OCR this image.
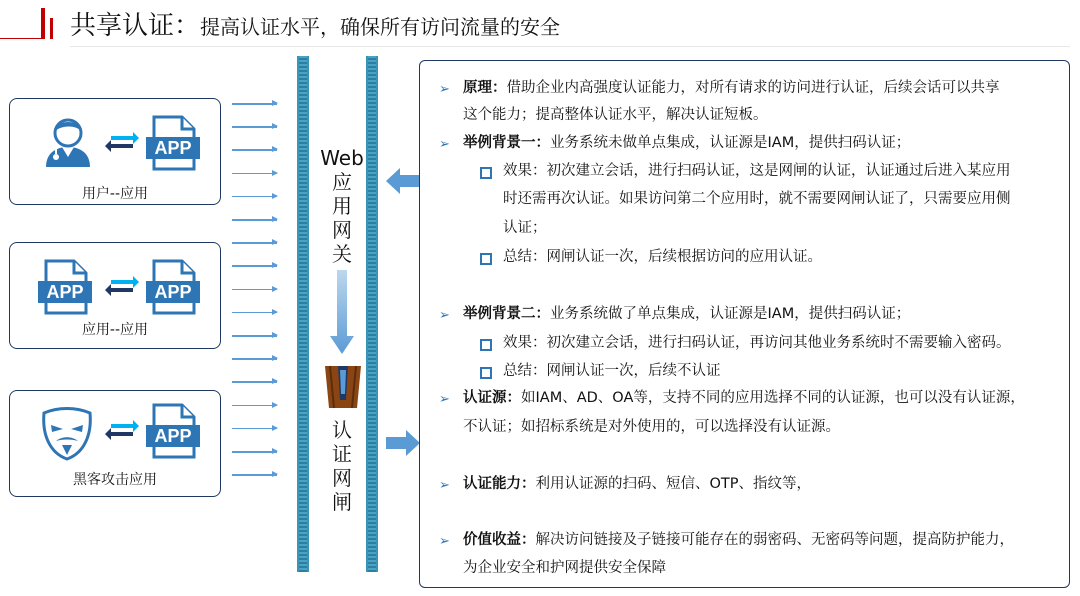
共享认证：提高认证水平，确保所有访问流量的安全
APP
用户--应用
APP	APP
应用--应用
APP
黑客攻击应用
Web
应
用
网
关
认
证
网
闸
➢ 原理：借助企业内高强度认证能力，对所有请求的访问进行认证，后续会话可以共享
这个能力；提高整体认证水平，解决认证短板。
➢ 举例背景一：业务系统未做单点集成，认证源是IAM，提供扫码认证；
效果：初次建立会话，进行扫码认证，这是网闸的认证，认证通过后进入某应用
时还需再次认证。如果访问第二个应用时，就不需要网闸认证了，只需要应用侧
认证；
总结：网闸认证一次，后续根据访问的应用认证。
➢ 举例背景二：业务系统做了单点集成，认证源是IAM，提供扫码认证；
效果：初次建立会话，进行扫码认证，再访问其他业务系统时不需要输入密码。
总结：网闸认证一次，后续不认证
➢ 认证源：如IAM、AD、OA等，支持不同的应用选择不同的认证源，也可以没有认证源，
不认证；如招标系统是对外使用的，可以选择没有认证源。
➢ 认证能力：利用认证源的扫码、短信、OTP、指纹等，
➢ 价值收益：解决访问链接及子链接可能存在的弱密码、无密码等问题，提高防护能力，
为企业安全和护网提供安全保障
